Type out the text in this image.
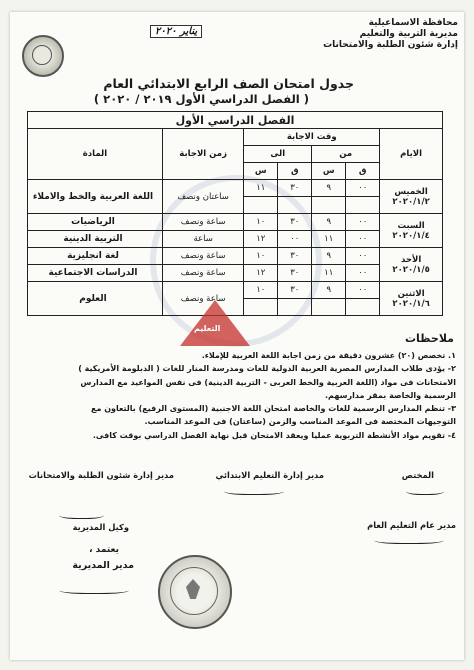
محافظة الاسماعيلية
مديرية التربية والتعليم
إدارة شئون الطلبة والامتحانات
يناير ٢٠٢٠
جدول امتحان الصف الرابع الابتدائي العام
( الفصل الدراسي الأول ٢٠١٩ / ٢٠٢٠ )
الفصل الدراسي الأول						
الايام	وقت الاجابة				زمن الاجابة	المادة
	من		الى			
	ق	س	ق	س		

الخميس
٢٠٢٠/١/٢	٠٠	٩	٣٠	١١	ساعتان ونصف	اللغة العربية والخط والاملاء

السبت
٢٠٢٠/١/٤	٠٠	٩	٣٠	١٠	ساعة ونصف	الرياضيات
	٠٠	١١	٠٠	١٢	ساعة	التربية الدينية

الأحد
٢٠٢٠/١/٥	٠٠	٩	٣٠	١٠	ساعة ونصف	لغة انجليزية
	٠٠	١١	٣٠	١٢	ساعة ونصف	الدراسات الاجتماعية

الاثنين
٢٠٢٠/١/٦	٠٠	٩	٣٠	١٠	ساعة ونصف	العلوم

التعليم
ملاحظات
١. تخصص (٢٠) عشرون دقيقة من زمن اجابة اللغة العربية للإملاء.
٢- يؤدى طلاب المدارس المصرية العربية الدولية للغات ومدرسة المنار للغات ( الدبلومة الأمريكية )
الامتحانات فى مواد (اللغة العربية والخط العربى - التربية الدينية) فى نفس المواعيد مع المدارس
الرسمية والخاصة بمقر مدارسهم.
٣- تنظم المدارس الرسمية للغات والخاصة امتحان اللغة الاجنبية (المستوى الرفيع) بالتعاون مع
التوجيهات المختصة فى الموعد المناسب والزمن (ساعتان) فى الموعد المناسب.
٤- تقويم مواد الأنشطة التربوية عمليا ويعقد الامتحان قبل نهاية الفصل الدراسي بوقت كافى.
المختص
مدير إدارة التعليم الابتدائي
مدير إدارة شئون الطلبة والامتحانات
مدير عام التعليم العام
وكيل المديرية
يعتمد ،
مدير المديرية
